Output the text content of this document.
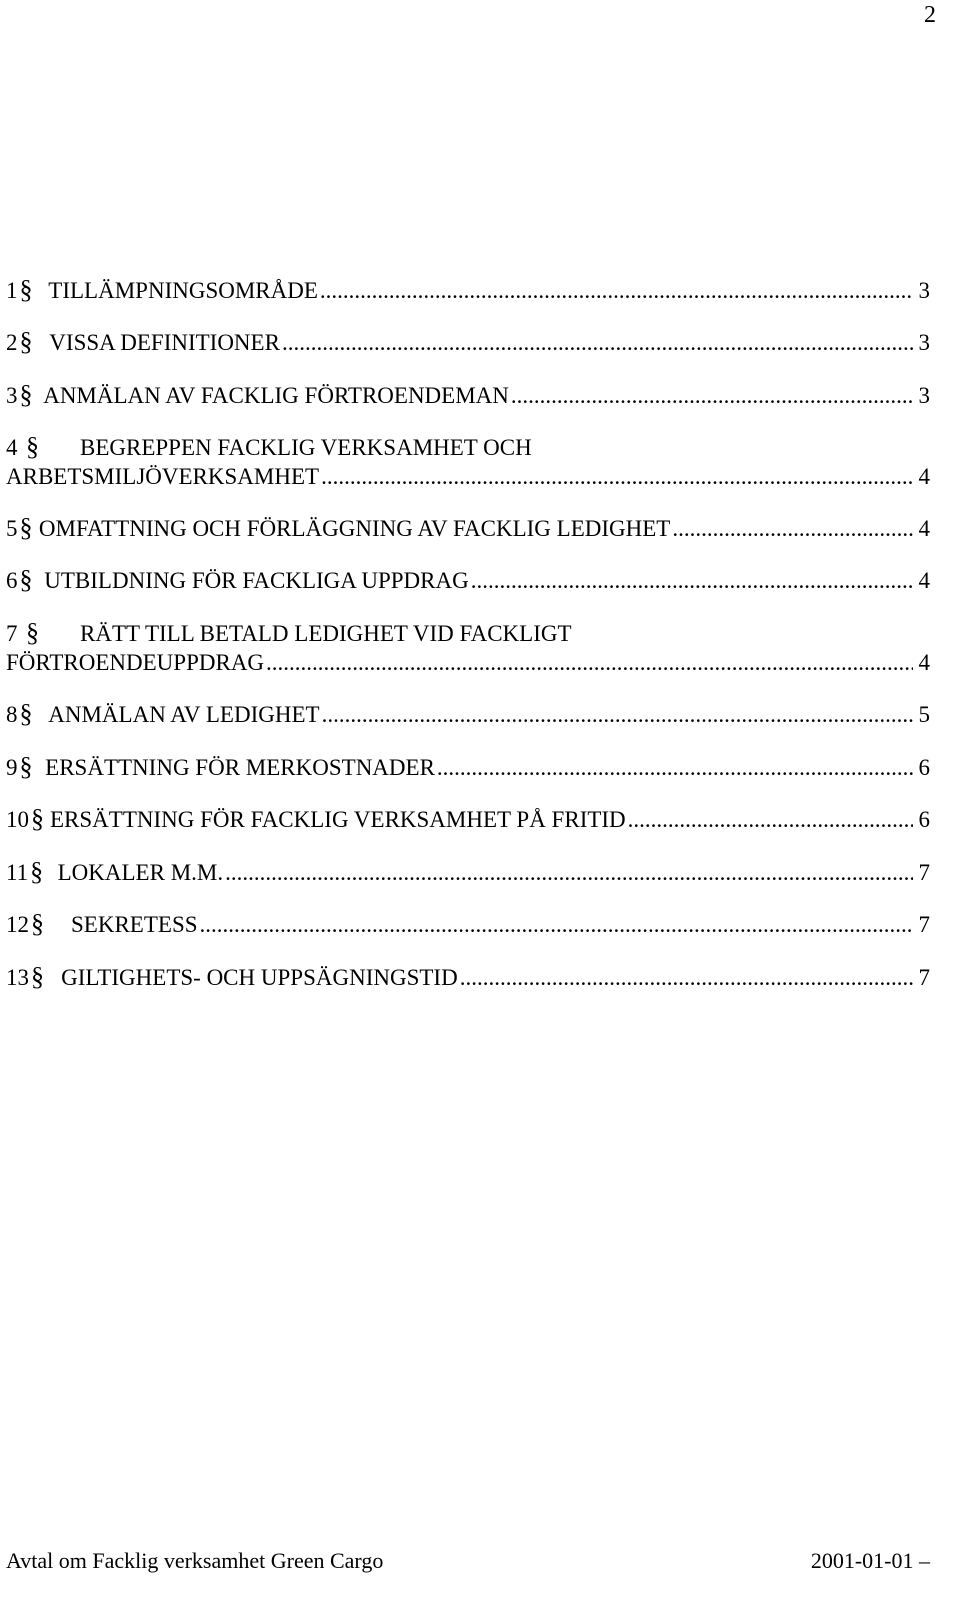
2
1 § TILLÄMPNINGSOMRÅDE .....	3
2 § VISSA DEFINITIONER .....	3
3 § ANMÄLAN AV FACKLIG FÖRTROENDEMAN .....	3
4 § BEGREPPEN FACKLIG VERKSAMHET OCH
ARBETSMILJÖVERKSAMHET .....	4
5 § OMFATTNING OCH FÖRLÄGGNING AV FACKLIG LEDIGHET .....	4
6 § UTBILDNING FÖR FACKLIGA UPPDRAG .....	4
7 § RÄTT TILL BETALD LEDIGHET VID FACKLIGT
FÖRTROENDEUPPDRAG .....	4
8 § ANMÄLAN AV LEDIGHET .....	5
9 § ERSÄTTNING FÖR MERKOSTNADER .....	6
10 § ERSÄTTNING FÖR FACKLIG VERKSAMHET PÅ FRITID .....	6
11 § LOKALER M.M. .....	7
12 § SEKRETESS .....	7
13 § GILTIGHETS- OCH UPPSÄGNINGSTID .....	7
Avtal om Facklig verksamhet Green Cargo	2001-01-01 –
